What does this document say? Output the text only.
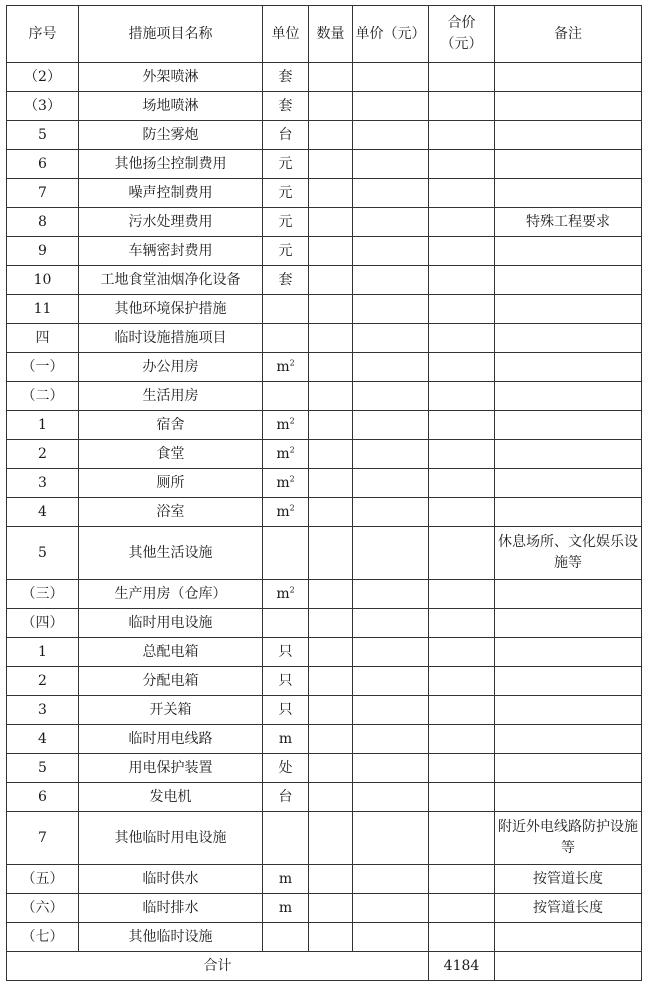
序号	措施项目名称	单位	数量	单价（元）	合价（元）	备注
（2）	外架喷淋	套				
（3）	场地喷淋	套				
5	防尘雾炮	台				
6	其他扬尘控制费用	元				
7	噪声控制费用	元				
8	污水处理费用	元				特殊工程要求
9	车辆密封费用	元				
10	工地食堂油烟净化设备	套				
11	其他环境保护措施					
四	临时设施措施项目					
（一）	办公用房	$m^2$				
（二）	生活用房					
1	宿舍	$m^2$				
2	食堂	$m^2$				
3	厕所	$m^2$				
4	浴室	$m^2$				
5	其他生活设施					休息场所、文化娱乐设施等
（三）	生产用房（仓库）	$m^2$				
（四）	临时用电设施					
1	总配电箱	只				
2	分配电箱	只				
3	开关箱	只				
4	临时用电线路	m				
5	用电保护装置	处				
6	发电机	台				
7	其他临时用电设施					附近外电线路防护设施等
（五）	临时供水	m				按管道长度
（六）	临时排水	m				按管道长度
（七）	其他临时设施					
合计					4184	
